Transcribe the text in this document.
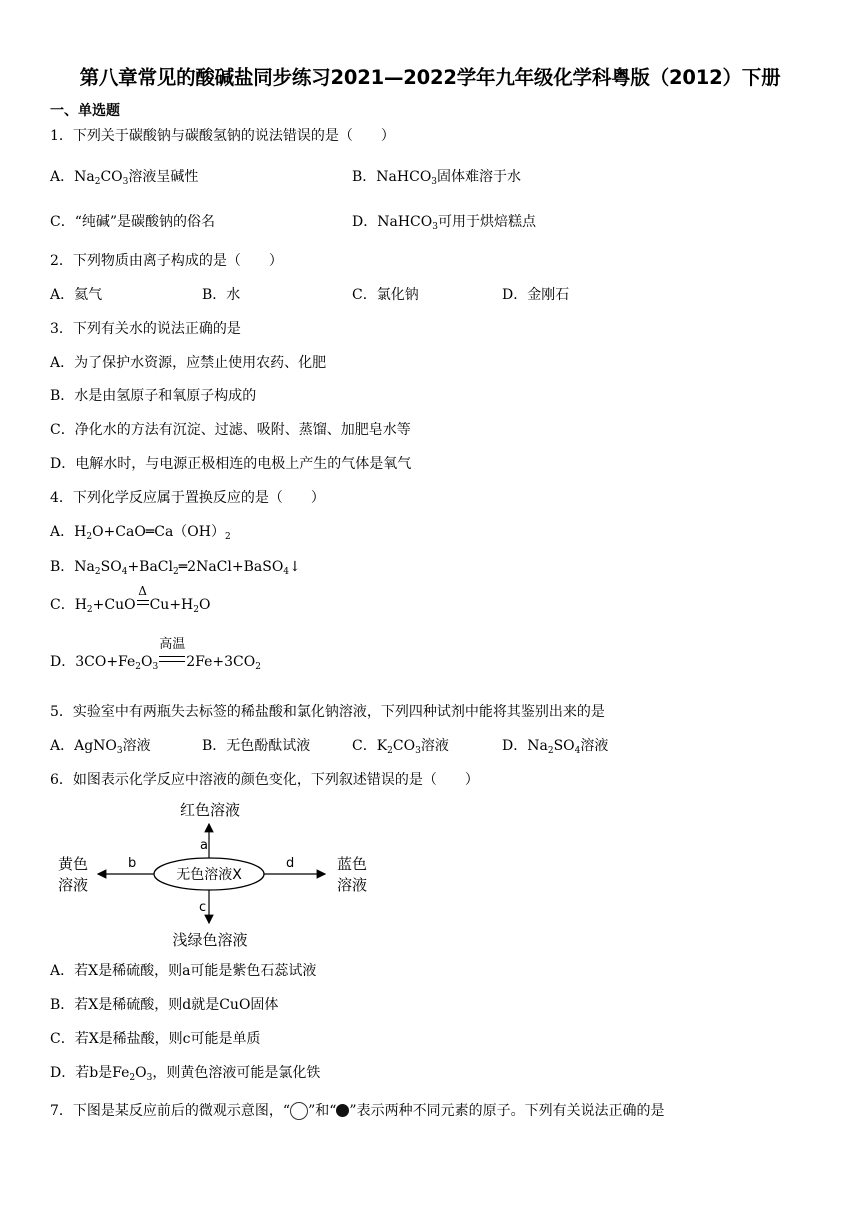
第八章常见的酸碱盐同步练习2021—2022学年九年级化学科粤版（2012）下册
一、单选题
1．下列关于碳酸钠与碳酸氢钠的说法错误的是（　　）
A．$Na_2CO_3$溶液呈碱性	B．NaHCO$_3$固体难溶于水
C．“纯碱”是碳酸钠的俗名	D．NaHCO$_3$可用于烘焙糕点
2．下列物质由离子构成的是（　　）
A．氦气	B．水	C．氯化钠	D．金刚石
3．下列有关水的说法正确的是
A．为了保护水资源，应禁止使用农药、化肥
B．水是由氢原子和氧原子构成的
C．净化水的方法有沉淀、过滤、吸附、蒸馏、加肥皂水等
D．电解水时，与电源正极相连的电极上产生的气体是氧气
4．下列化学反应属于置换反应的是（　　）
A．$H_2O+CaO═Ca(OH)_2$
B．$Na_2SO_4+BaCl_2═2NaCl+BaSO_4↓$
C．$H_2+CuO$
Δ
$Cu+H_2O$
D．$3CO+Fe_2O_3$
高温
$2Fe+3CO_2$
5．实验室中有两瓶失去标签的稀盐酸和氯化钠溶液，下列四种试剂中能将其鉴别出来的是
A．AgNO$_3$溶液	B．无色酚酞试液	C．$K_2CO_3$溶液	D．$Na_2SO_4$溶液
6．如图表示化学反应中溶液的颜色变化，下列叙述错误的是（　　）
红色溶液
黄色
溶液
蓝色
溶液
浅绿色溶液
无色溶液X
a
b
c
d
A．若X是稀硫酸，则a可能是紫色石蕊试液
B．若X是稀硫酸，则d就是CuO固体
C．若X是稀盐酸，则c可能是单质
D．若b是$Fe_2O_3$，则黄色溶液可能是氯化铁
7．下图是某反应前后的微观示意图，“ ”和“ ”表示两种不同元素的原子。下列有关说法正确的是
